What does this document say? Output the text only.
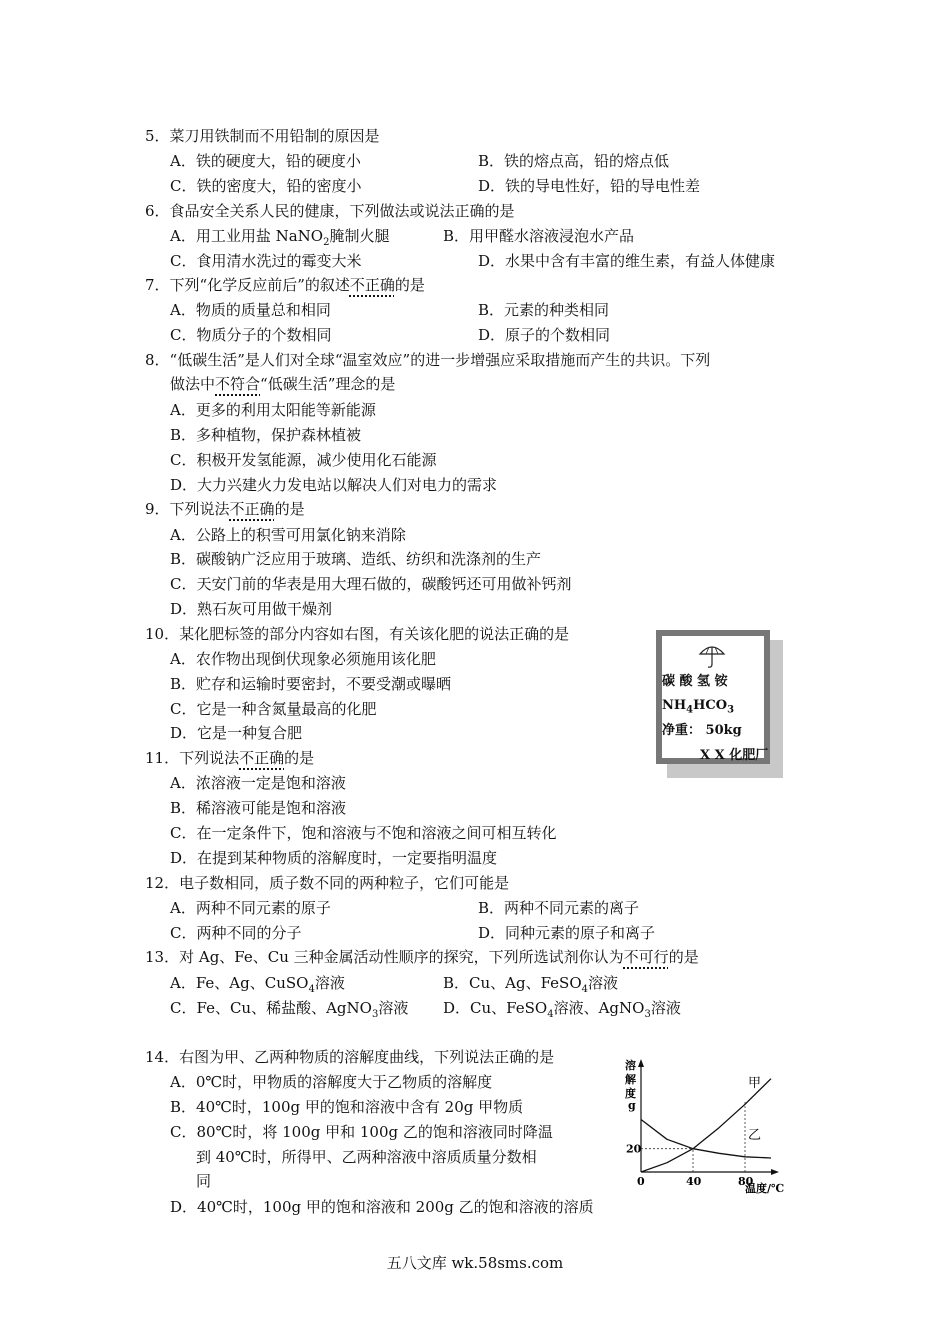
5．菜刀用铁制而不用铅制的原因是
A．铁的硬度大，铅的硬度小	B．铁的熔点高，铅的熔点低
C．铁的密度大，铅的密度小	D．铁的导电性好，铅的导电性差
6．食品安全关系人民的健康，下列做法或说法正确的是
A．用工业用盐 NaNO$_2$腌制火腿	B．用甲醛水溶液浸泡水产品
C．食用清水洗过的霉变大米	D．水果中含有丰富的维生素，有益人体健康
7．下列“化学反应前后”的叙述不正确的是
A．物质的质量总和相同	B．元素的种类相同
C．物质分子的个数相同	D．原子的个数相同
8．“低碳生活”是人们对全球“温室效应”的进一步增强应采取措施而产生的共识。下列
做法中不符合“低碳生活”理念的是
A．更多的利用太阳能等新能源
B．多种植物，保护森林植被
C．积极开发氢能源，减少使用化石能源
D．大力兴建火力发电站以解决人们对电力的需求
9．下列说法不正确的是
A．公路上的积雪可用氯化钠来消除
B．碳酸钠广泛应用于玻璃、造纸、纺织和洗涤剂的生产
C．天安门前的华表是用大理石做的，碳酸钙还可用做补钙剂
D．熟石灰可用做干燥剂
10．某化肥标签的部分内容如右图，有关该化肥的说法正确的是
A．农作物出现倒伏现象必须施用该化肥
B．贮存和运输时要密封，不要受潮或曝晒
C．它是一种含氮量最高的化肥
D．它是一种复合肥
碳 酸 氢 铵
$NH_4HCO_3$
净重： 50kg
X X 化肥厂
11．下列说法不正确的是
A．浓溶液一定是饱和溶液
B．稀溶液可能是饱和溶液
C．在一定条件下，饱和溶液与不饱和溶液之间可相互转化
D．在提到某种物质的溶解度时，一定要指明温度
12．电子数相同，质子数不同的两种粒子，它们可能是
A．两种不同元素的原子	B．两种不同元素的离子
C．两种不同的分子	D．同种元素的原子和离子
13．对 Ag、Fe、Cu 三种金属活动性顺序的探究，下列所选试剂你认为不可行的是
A．Fe、Ag、CuSO$_4$溶液	B．Cu、Ag、FeSO$_4$溶液
C．Fe、Cu、稀盐酸、AgNO$_3$溶液 D．Cu、FeSO$_4$溶液、AgNO$_3$溶液
14．右图为甲、乙两种物质的溶解度曲线，下列说法正确的是
A．0℃时，甲物质的溶解度大于乙物质的溶解度
B．40℃时，100g 甲的饱和溶液中含有 20g 甲物质
C．80℃时，将 100g 甲和 100g 乙的饱和溶液同时降温
到 40℃时，所得甲、乙两种溶液中溶质质量分数相
同
D．40℃时，100g 甲的饱和溶液和 200g 乙的饱和溶液的溶质
溶
解
度
g
40	80
20
0
温度/℃
甲
乙
五八文库 wk.58sms.com
